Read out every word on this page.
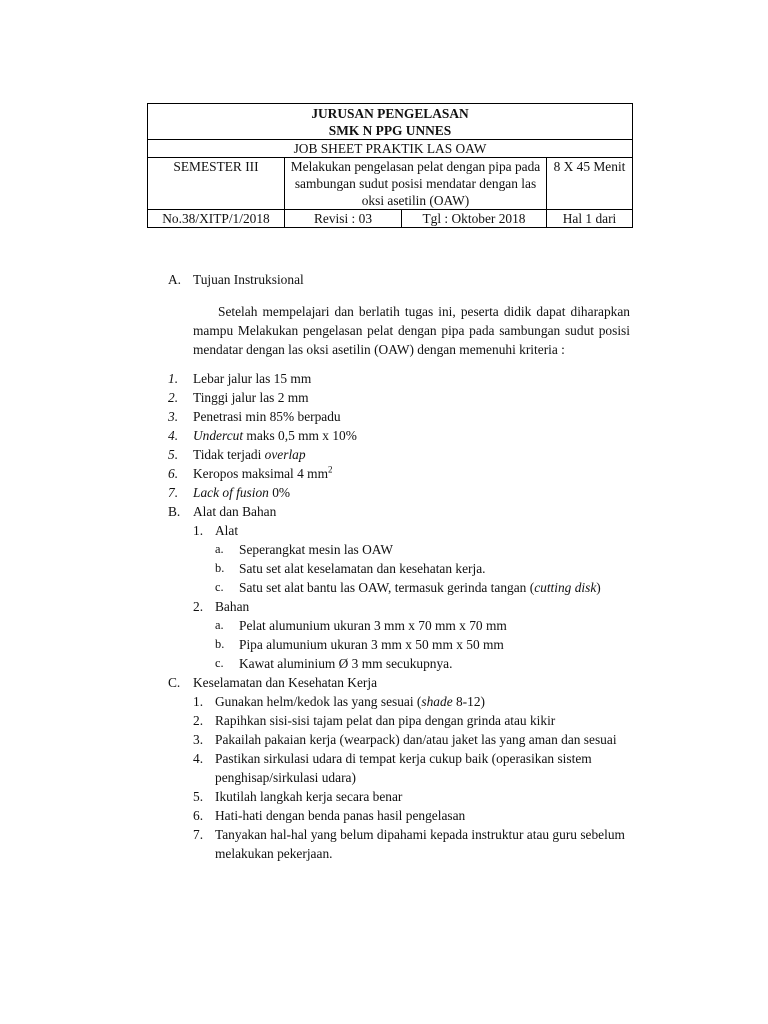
JURUSAN PENGELASAN
SMK N PPG UNNES			

JOB SHEET PRAKTIK LAS OAW			
SEMESTER III	Melakukan pengelasan pelat dengan pipa pada sambungan sudut posisi mendatar dengan las oksi asetilin (OAW)		8 X 45 Menit
No.38/XITP/1/2018	Revisi : 03	Tgl : Oktober 2018	Hal 1 dari
A. Tujuan Instruksional
Setelah mempelajari dan berlatih tugas ini, peserta didik dapat diharapkan mampu Melakukan pengelasan pelat dengan pipa pada sambungan sudut posisi mendatar dengan las oksi asetilin (OAW) dengan memenuhi kriteria :
1.	Lebar jalur las 15 mm
2.	Tinggi jalur las 2 mm
3.	Penetrasi min 85% berpadu
4.	Undercut maks 0,5 mm x 10%
5.	Tidak terjadi overlap
6.	Keropos maksimal 4 $mm^2$
7.	Lack of fusion 0%
B. Alat dan Bahan
1. Alat
a.	Seperangkat mesin las OAW
b.	Satu set alat keselamatan dan kesehatan kerja.
c.	Satu set alat bantu las OAW, termasuk gerinda tangan (cutting disk)
2. Bahan
a.	Pelat alumunium ukuran 3 mm x 70 mm x 70 mm
b.	Pipa alumunium ukuran 3 mm x 50 mm x 50 mm
c.	Kawat aluminium Ø 3 mm secukupnya.
C. Keselamatan dan Kesehatan Kerja
1. Gunakan helm/kedok las yang sesuai (shade 8-12)
2. Rapihkan sisi-sisi tajam pelat dan pipa dengan grinda atau kikir
3. Pakailah pakaian kerja (wearpack) dan/atau jaket las yang aman dan sesuai
4. Pastikan sirkulasi udara di tempat kerja cukup baik (operasikan sistem penghisap/sirkulasi udara)
5. Ikutilah langkah kerja secara benar
6. Hati-hati dengan benda panas hasil pengelasan
7. Tanyakan hal-hal yang belum dipahami kepada instruktur atau guru sebelum melakukan pekerjaan.
